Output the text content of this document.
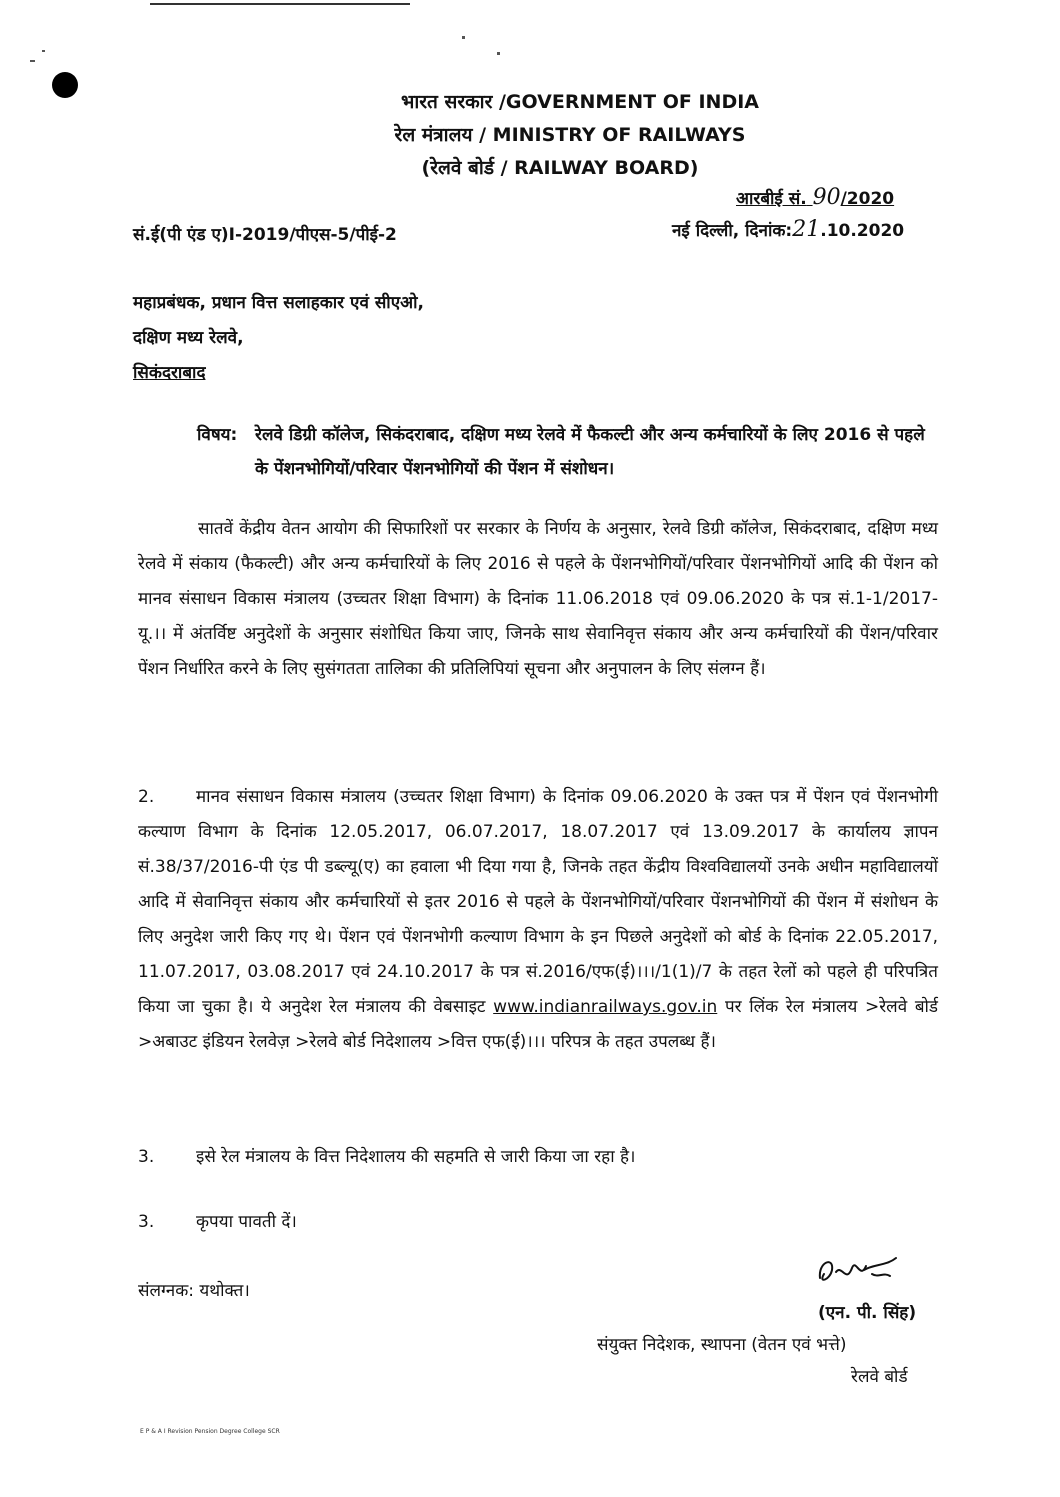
भारत सरकार /GOVERNMENT OF INDIA
रेल मंत्रालय / MINISTRY OF RAILWAYS
(रेलवे बोर्ड / RAILWAY BOARD)
आरबीई सं. 90/2020
सं.ई(पी एंड ए)I-2019/पीएस-5/पीई-2	नई दिल्ली, दिनांक:21.10.2020
महाप्रबंधक, प्रधान वित्त सलाहकार एवं सीएओ,
दक्षिण मध्य रेलवे,
सिकंदराबाद
विषय:	रेलवे डिग्री कॉलेज, सिकंदराबाद, दक्षिण मध्य रेलवे में फैकल्टी और अन्य कर्मचारियों के लिए 2016 से पहले के पेंशनभोगियों/परिवार पेंशनभोगियों की पेंशन में संशोधन।
सातवें केंद्रीय वेतन आयोग की सिफारिशों पर सरकार के निर्णय के अनुसार, रेलवे डिग्री कॉलेज, सिकंदराबाद, दक्षिण मध्य रेलवे में संकाय (फैकल्टी) और अन्य कर्मचारियों के लिए 2016 से पहले के पेंशनभोगियों/परिवार पेंशनभोगियों आदि की पेंशन को मानव संसाधन विकास मंत्रालय (उच्चतर शिक्षा विभाग) के दिनांक 11.06.2018 एवं 09.06.2020 के पत्र सं.1-1/2017-यू.।। में अंतर्विष्ट अनुदेशों के अनुसार संशोधित किया जाए, जिनके साथ सेवानिवृत्त संकाय और अन्य कर्मचारियों की पेंशन/परिवार पेंशन निर्धारित करने के लिए सुसंगतता तालिका की प्रतिलिपियां सूचना और अनुपालन के लिए संलग्न हैं।
2. मानव संसाधन विकास मंत्रालय (उच्चतर शिक्षा विभाग) के दिनांक 09.06.2020 के उक्त पत्र में पेंशन एवं पेंशनभोगी कल्याण विभाग के दिनांक 12.05.2017, 06.07.2017, 18.07.2017 एवं 13.09.2017 के कार्यालय ज्ञापन सं.38/37/2016-पी एंड पी डब्ल्यू(ए) का हवाला भी दिया गया है, जिनके तहत केंद्रीय विश्वविद्यालयों उनके अधीन महाविद्यालयों आदि में सेवानिवृत्त संकाय और कर्मचारियों से इतर 2016 से पहले के पेंशनभोगियों/परिवार पेंशनभोगियों की पेंशन में संशोधन के लिए अनुदेश जारी किए गए थे। पेंशन एवं पेंशनभोगी कल्याण विभाग के इन पिछले अनुदेशों को बोर्ड के दिनांक 22.05.2017, 11.07.2017, 03.08.2017 एवं 24.10.2017 के पत्र सं.2016/एफ(ई)।।।/1(1)/7 के तहत रेलों को पहले ही परिपत्रित किया जा चुका है। ये अनुदेश रेल मंत्रालय की वेबसाइट www.indianrailways.gov.in पर लिंक रेल मंत्रालय >रेलवे बोर्ड >अबाउट इंडियन रेलवेज़ >रेलवे बोर्ड निदेशालय >वित्त एफ(ई)।।। परिपत्र के तहत उपलब्ध हैं।
3. इसे रेल मंत्रालय के वित्त निदेशालय की सहमति से जारी किया जा रहा है।
3. कृपया पावती दें।
संलग्नक: यथोक्त।
(एन. पी. सिंह)
संयुक्त निदेशक, स्थापना (वेतन एवं भत्ते)
रेलवे बोर्ड
E P & A I Revision Pension Degree College SCR
